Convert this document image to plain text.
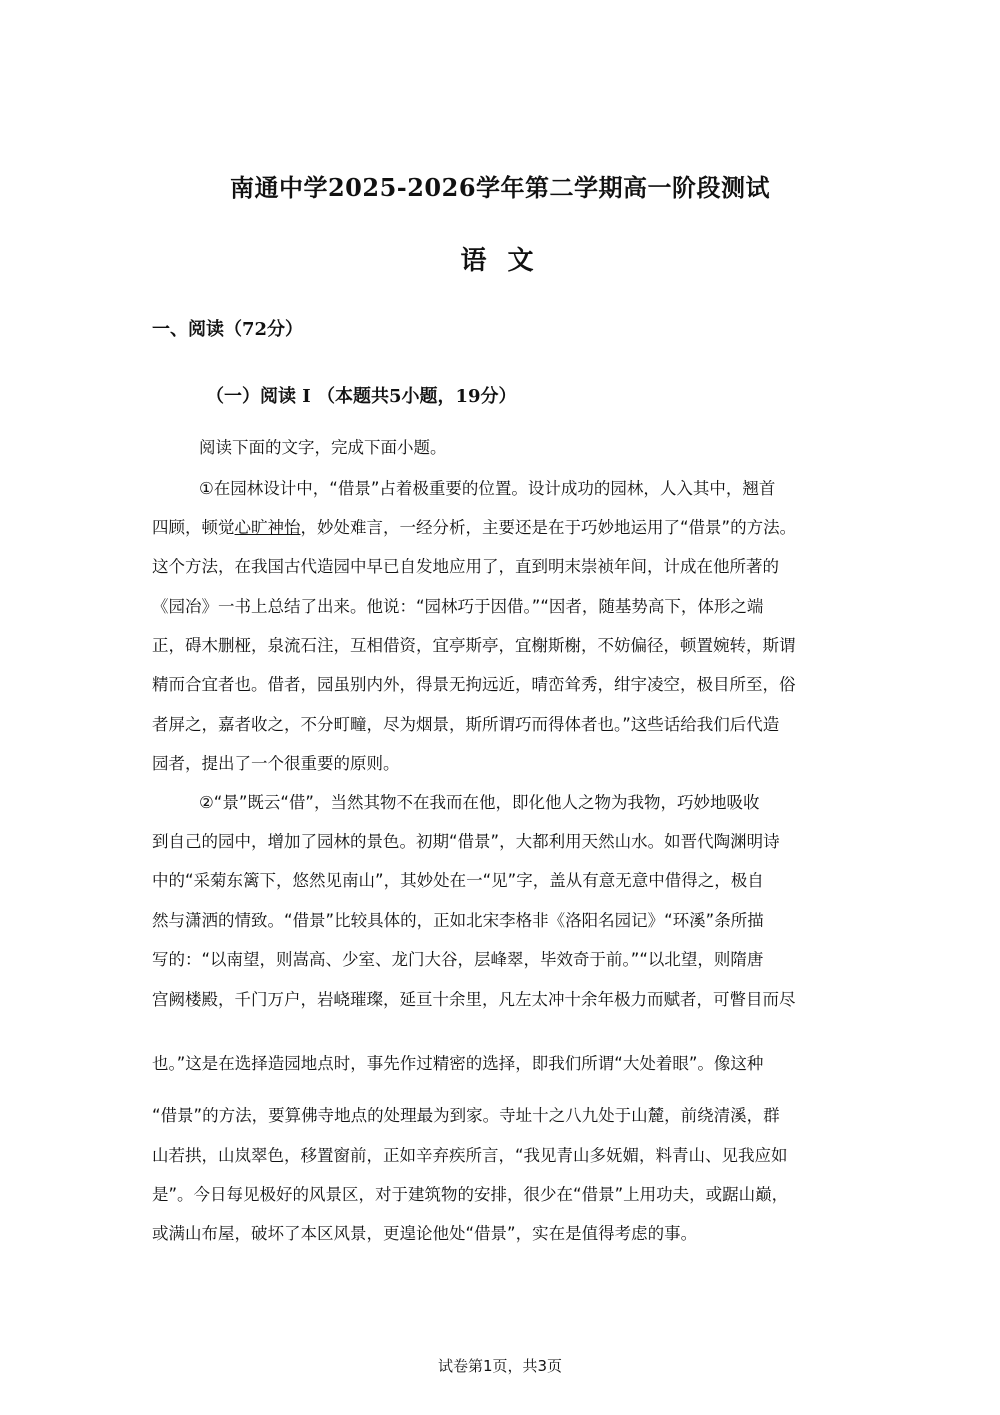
南通中学2025-2026学年第二学期高一阶段测试
语 文
一、阅读（72分）
（一）阅读 I （本题共5小题，19分）
阅读下面的文字，完成下面小题。
①在园林设计中，“借景”占着极重要的位置。设计成功的园林，人入其中，翘首
四顾，顿觉心旷神怡，妙处难言，一经分析，主要还是在于巧妙地运用了“借景”的方法。
这个方法，在我国古代造园中早已自发地应用了，直到明末崇祯年间，计成在他所著的
《园冶》一书上总结了出来。他说：“园林巧于因借。”“因者，随基势高下，体形之端
正，碍木删桠，泉流石注，互相借资，宜亭斯亭，宜榭斯榭，不妨偏径，顿置婉转，斯谓
精而合宜者也。借者，园虽别内外，得景无拘远近，晴峦耸秀，绀宇凌空，极目所至，俗
者屏之，嘉者收之，不分町疃，尽为烟景，斯所谓巧而得体者也。”这些话给我们后代造
园者，提出了一个很重要的原则。
②“景”既云“借”，当然其物不在我而在他，即化他人之物为我物，巧妙地吸收
到自己的园中，增加了园林的景色。初期“借景”，大都利用天然山水。如晋代陶渊明诗
中的“采菊东篱下，悠然见南山”，其妙处在一“见”字，盖从有意无意中借得之，极自
然与潇洒的情致。“借景”比较具体的，正如北宋李格非《洛阳名园记》“环溪”条所描
写的：“以南望，则嵩高、少室、龙门大谷，层峰翠，毕效奇于前。”“以北望，则隋唐
宫阙楼殿，千门万户，岩峣璀璨，延亘十余里，凡左太冲十余年极力而赋者，可瞥目而尽
也。”这是在选择造园地点时，事先作过精密的选择，即我们所谓“大处着眼”。像这种
“借景”的方法，要算佛寺地点的处理最为到家。寺址十之八九处于山麓，前绕清溪，群
山若拱，山岚翠色，移置窗前，正如辛弃疾所言，“我见青山多妩媚，料青山、见我应如
是”。今日每见极好的风景区，对于建筑物的安排，很少在“借景”上用功夫，或踞山巅，
或满山布屋，破坏了本区风景，更遑论他处“借景”，实在是值得考虑的事。
试卷第1页，共3页
